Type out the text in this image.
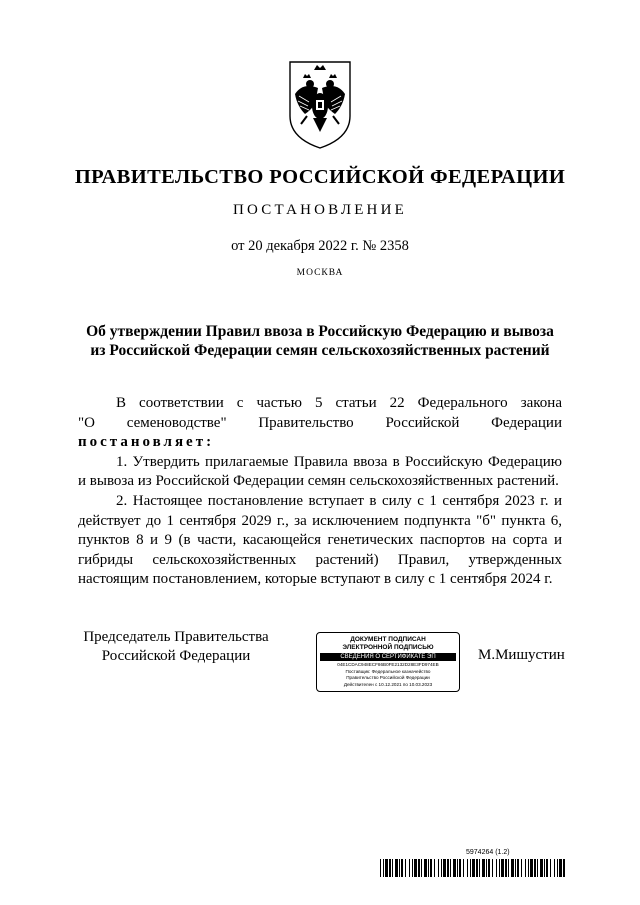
ПРАВИТЕЛЬСТВО РОССИЙСКОЙ ФЕДЕРАЦИИ
ПОСТАНОВЛЕНИЕ
от 20 декабря 2022 г. № 2358
МОСКВА
Об утверждении Правил ввоза в Российскую Федерацию и вывоза
из Российской Федерации семян сельскохозяйственных растений

В соответствии с частью 5 статьи 22 Федерального закона

"О семеноводстве" Правительство Российской Федерации

постановляет:

1. Утвердить прилагаемые Правила ввоза в Российскую Федерацию и вывоза из Российской Федерации семян сельскохозяйственных растений.

2. Настоящее постановление вступает в силу с 1 сентября 2023 г. и действует до 1 сентября 2029 г., за исключением подпункта "б" пункта 6, пунктов 8 и 9 (в части, касающейся генетических паспортов на сорта и гибриды сельскохозяйственных растений) Правил, утвержденных настоящим постановлением, которые вступают в силу с 1 сентября 2024 г.

Председатель Правительства
Российской Федерации
ДОКУМЕНТ ПОДПИСАН
ЭЛЕКТРОННОЙ ПОДПИСЬЮ
СВЕДЕНИЯ О СЕРТИФИКАТЕ ЭП
04E1CDAC948ECF86B0FE2132D28E3FD974EB
Поставщик: Федеральное казначейство
Правительство Российской Федерации
Действителен с 10.12.2021 по 10.03.2023
М.Мишустин
5974264 (1.2)
